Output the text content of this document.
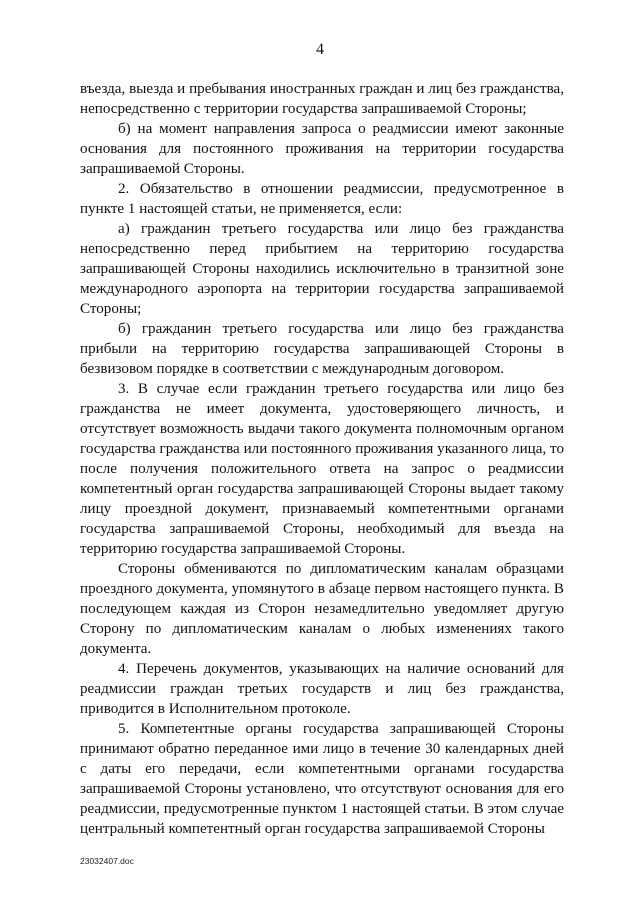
4

въезда, выезда и пребывания иностранных граждан и лиц без гражданства, непосредственно с территории государства запрашиваемой Стороны;

б) на момент направления запроса о реадмиссии имеют законные основания для постоянного проживания на территории государства запрашиваемой Стороны.

2. Обязательство в отношении реадмиссии, предусмотренное в пункте 1 настоящей статьи, не применяется, если:

а) гражданин третьего государства или лицо без гражданства непосредственно перед прибытием на территорию государства запрашивающей Стороны находились исключительно в транзитной зоне международного аэропорта на территории государства запрашиваемой Стороны;

б) гражданин третьего государства или лицо без гражданства прибыли на территорию государства запрашивающей Стороны в безвизовом порядке в соответствии с международным договором.

3. В случае если гражданин третьего государства или лицо без гражданства не имеет документа, удостоверяющего личность, и отсутствует возможность выдачи такого документа полномочным органом государства гражданства или постоянного проживания указанного лица, то после получения положительного ответа на запрос о реадмиссии компетентный орган государства запрашивающей Стороны выдает такому лицу проездной документ, признаваемый компетентными органами государства запрашиваемой Стороны, необходимый для въезда на территорию государства запрашиваемой Стороны.

Стороны обмениваются по дипломатическим каналам образцами проездного документа, упомянутого в абзаце первом настоящего пункта. В последующем каждая из Сторон незамедлительно уведомляет другую Сторону по дипломатическим каналам о любых изменениях такого документа.

4. Перечень документов, указывающих на наличие оснований для реадмиссии граждан третьих государств и лиц без гражданства, приводится в Исполнительном протоколе.

5. Компетентные органы государства запрашивающей Стороны принимают обратно переданное ими лицо в течение 30 календарных дней с даты его передачи, если компетентными органами государства запрашиваемой Стороны установлено, что отсутствуют основания для его реадмиссии, предусмотренные пунктом 1 настоящей статьи. В этом случае центральный компетентный орган государства запрашиваемой Стороны

23032407.doc
